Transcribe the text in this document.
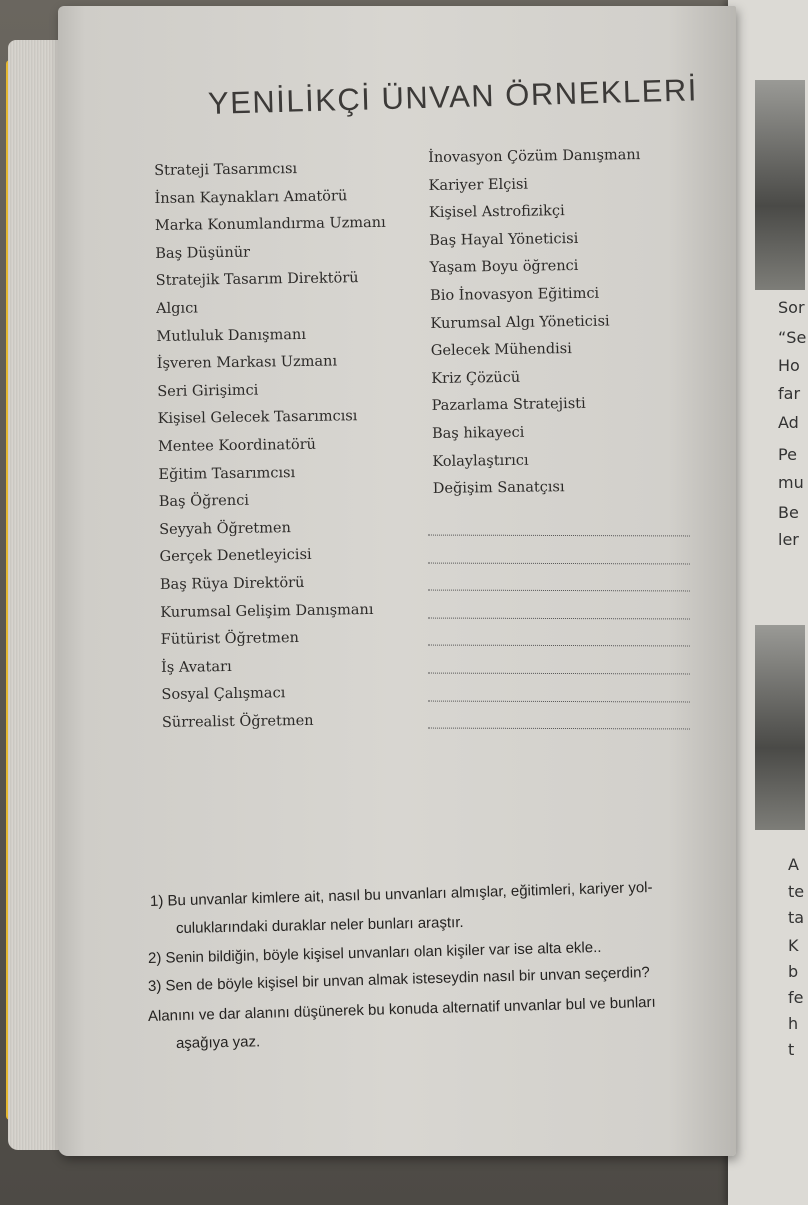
Sor
“Se
Ho
far
Ad
Pe
mu
Be
ler
A
te
ta
K
b
fe
h
t
YENİLİKÇİ ÜNVAN ÖRNEKLERİ
Strateji Tasarımcısı
İnsan Kaynakları Amatörü
Marka Konumlandırma Uzmanı
Baş Düşünür
Stratejik Tasarım Direktörü
Algıcı
Mutluluk Danışmanı
İşveren Markası Uzmanı
Seri Girişimci
Kişisel Gelecek Tasarımcısı
Mentee Koordinatörü
Eğitim Tasarımcısı
Baş Öğrenci
Seyyah Öğretmen
Gerçek Denetleyicisi
Baş Rüya Direktörü
Kurumsal Gelişim Danışmanı
Fütürist Öğretmen
İş Avatarı
Sosyal Çalışmacı
Sürrealist Öğretmen
İnovasyon Çözüm Danışmanı
Kariyer Elçisi
Kişisel Astrofizikçi
Baş Hayal Yöneticisi
Yaşam Boyu öğrenci
Bio İnovasyon Eğitimci
Kurumsal Algı Yöneticisi
Gelecek Mühendisi
Kriz Çözücü
Pazarlama Stratejisti
Baş hikayeci
Kolaylaştırıcı
Değişim Sanatçısı
1) Bu unvanlar kimlere ait, nasıl bu unvanları almışlar, eğitimleri, kariyer yol-
culuklarındaki duraklar neler bunları araştır.
2) Senin bildiğin, böyle kişisel unvanları olan kişiler var ise alta ekle..
3) Sen de böyle kişisel bir unvan almak isteseydin nasıl bir unvan seçerdin?
Alanını ve dar alanını düşünerek bu konuda alternatif unvanlar bul ve bunları
aşağıya yaz.
